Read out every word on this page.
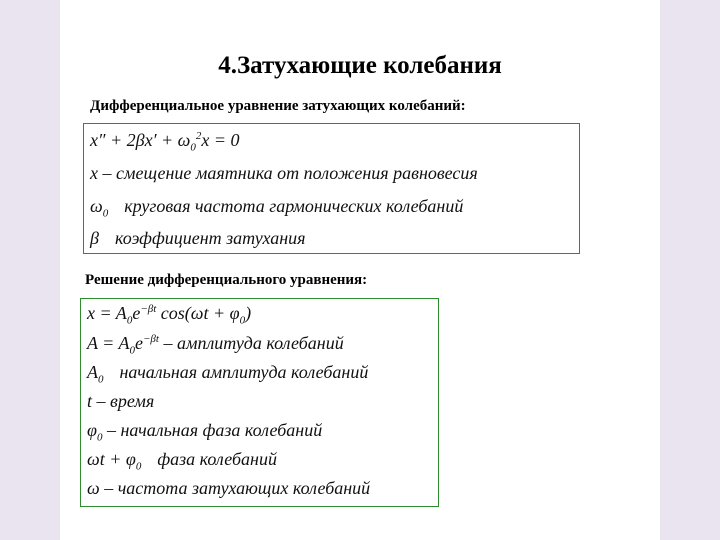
4.Затухающие колебания
Дифференциальное уравнение затухающих колебаний:
$x'' + 2\beta x' + \omega_0^2x = 0$
x – смещение маятника от положения равновесия
$\omega_0$ круговая частота гармонических колебаний
β коэффициент затухания
Решение дифференциального уравнения:
$x = A_0e^{-\beta t}$ $\cos(\omega t + \varphi_0)$
$A = A_0e^{-\beta t}$ – амплитуда колебаний
$A_0$ начальная амплитуда колебаний
t – время
$\varphi_0$ – начальная фаза колебаний
$\omega t + \varphi_0$ фаза колебаний
ω – частота затухающих колебаний
